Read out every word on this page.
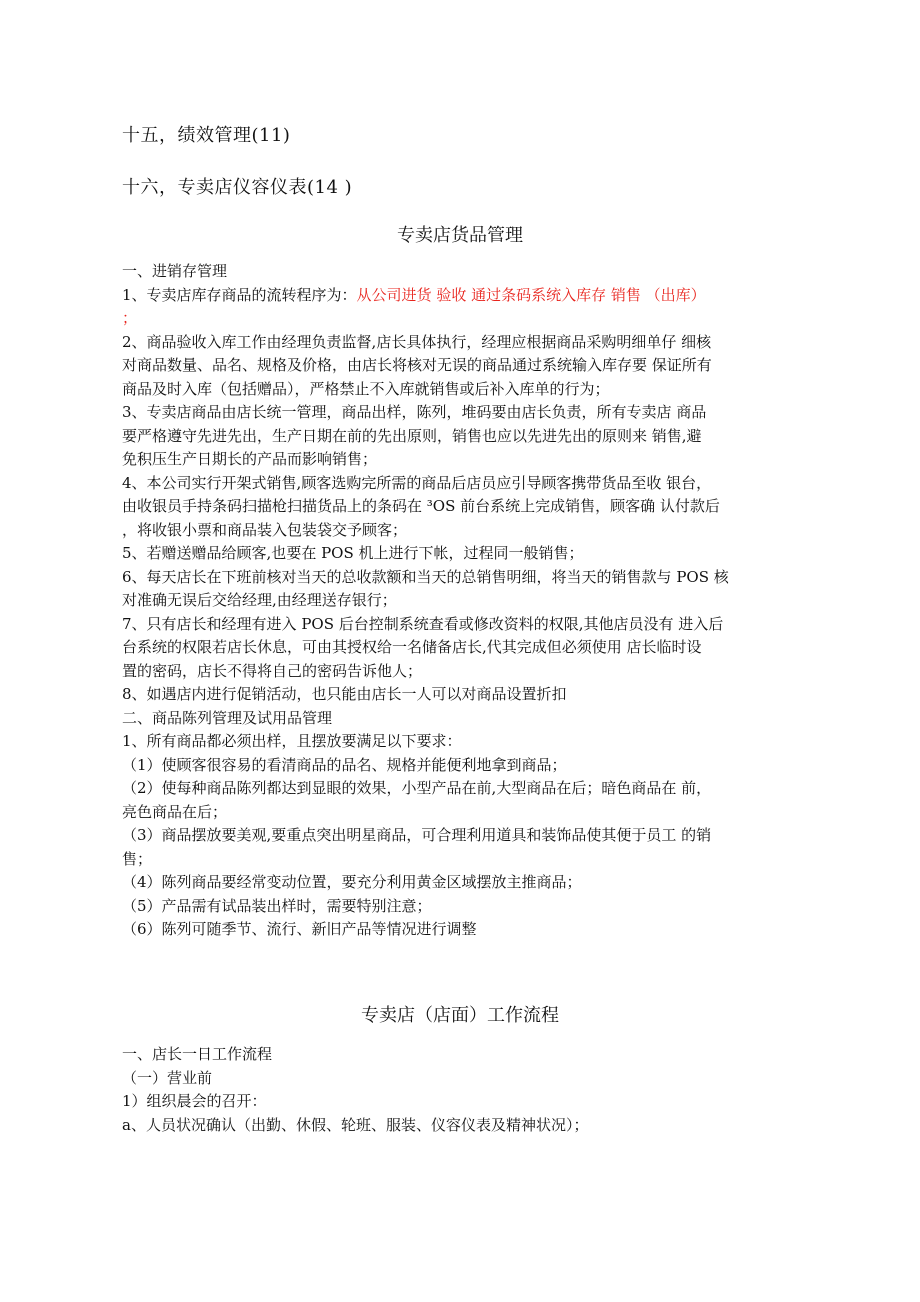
十五，绩效管理(11)
十六，专卖店仪容仪表(14 )
专卖店货品管理
一、进销存管理
1、专卖店库存商品的流转程序为：从公司进货 验收 通过条码系统入库存 销售 （出库）
；
2、商品验收入库工作由经理负责监督,店长具体执行，经理应根据商品采购明细单仔 细核
对商品数量、品名、规格及价格，由店长将核对无误的商品通过系统输入库存要 保证所有
商品及时入库（包括赠品），严格禁止不入库就销售或后补入库单的行为；
3、专卖店商品由店长统一管理，商品出样，陈列，堆码要由店长负责，所有专卖店 商品
要严格遵守先进先出，生产日期在前的先出原则，销售也应以先进先出的原则来 销售,避
免积压生产日期长的产品而影响销售；
4、本公司实行开架式销售,顾客选购完所需的商品后店员应引导顾客携带货品至收 银台，
由收银员手持条码扫描枪扫描货品上的条码在 ³OS 前台系统上完成销售，顾客确 认付款后
，将收银小票和商品装入包装袋交予顾客；
5、若赠送赠品给顾客,也要在 POS 机上进行下帐，过程同一般销售；
6、每天店长在下班前核对当天的总收款额和当天的总销售明细，将当天的销售款与 POS 核
对准确无误后交给经理,由经理送存银行；
7、只有店长和经理有进入 POS 后台控制系统查看或修改资料的权限,其他店员没有 进入后
台系统的权限若店长休息，可由其授权给一名储备店长,代其完成但必须使用 店长临时设
置的密码，店长不得将自己的密码告诉他人；
8、如遇店内进行促销活动，也只能由店长一人可以对商品设置折扣
二、商品陈列管理及试用品管理
1、所有商品都必须出样，且摆放要满足以下要求：
（1）使顾客很容易的看清商品的品名、规格并能便利地拿到商品；
（2）使每种商品陈列都达到显眼的效果，小型产品在前,大型商品在后；暗色商品在 前，
亮色商品在后；
（3）商品摆放要美观,要重点突出明星商品，可合理利用道具和装饰品使其便于员工 的销
售；
（4）陈列商品要经常变动位置，要充分利用黄金区域摆放主推商品；
（5）产品需有试品装出样时，需要特别注意；
（6）陈列可随季节、流行、新旧产品等情况进行调整
专卖店（店面）工作流程
一、店长一日工作流程
（一）营业前
1）组织晨会的召开：
a、人员状况确认（出勤、休假、轮班、服装、仪容仪表及精神状况）；
